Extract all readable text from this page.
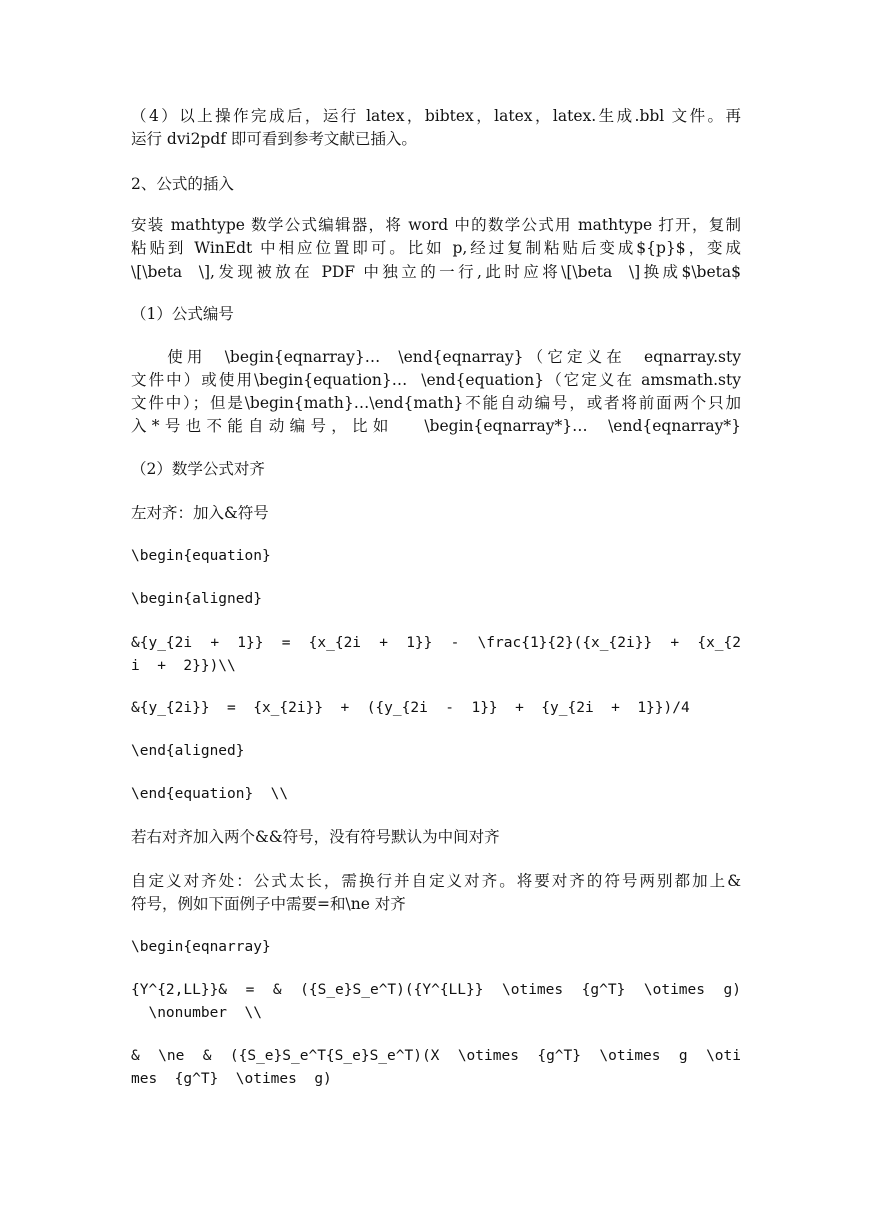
（4）以上操作完成后，运行 latex，bibtex，latex，latex.生成.bbl 文件。再
运行 dvi2pdf 即可看到参考文献已插入。
2、公式的插入
安装 mathtype 数学公式编辑器，将 word 中的数学公式用 mathtype 打开，复制
粘贴到 WinEdt 中相应位置即可。比如 p,经过复制粘贴后变成${p}$，变成
\[\beta  \],发现被放在 PDF 中独立的一行,此时应将\[\beta  \]换成$\beta$
（1）公式编号
使用  \begin{eqnarray}…  \end{eqnarray}（它定义在  eqnarray.sty
文件中）或使用\begin{equation}…  \end{equation}（它定义在 amsmath.sty
文件中）；但是\begin{math}…\end{math}不能自动编号，或者将前面两个只加
入*号也不能自动编号，比如   \begin{eqnarray*}…  \end{eqnarray*}
（2）数学公式对齐
左对齐：加入&符号
\begin{equation}
\begin{aligned}
&{y_{2i  +  1}}  =  {x_{2i  +  1}}  -  \frac{1}{2}({x_{2i}}  +  {x_{2
i  +  2}})\\
&{y_{2i}}  =  {x_{2i}}  +  ({y_{2i  -  1}}  +  {y_{2i  +  1}})/4
\end{aligned}
\end{equation}  \\
若右对齐加入两个&&符号，没有符号默认为中间对齐
自定义对齐处：公式太长，需换行并自定义对齐。将要对齐的符号两别都加上&
符号，例如下面例子中需要=和\ne 对齐
\begin{eqnarray}
{Y^{2,LL}}&  =  &  ({S_e}S_e^T)({Y^{LL}}  \otimes  {g^T}  \otimes  g)
\nonumber  \\
&  \ne  &  ({S_e}S_e^T{S_e}S_e^T)(X  \otimes  {g^T}  \otimes  g  \oti
mes  {g^T}  \otimes  g)
